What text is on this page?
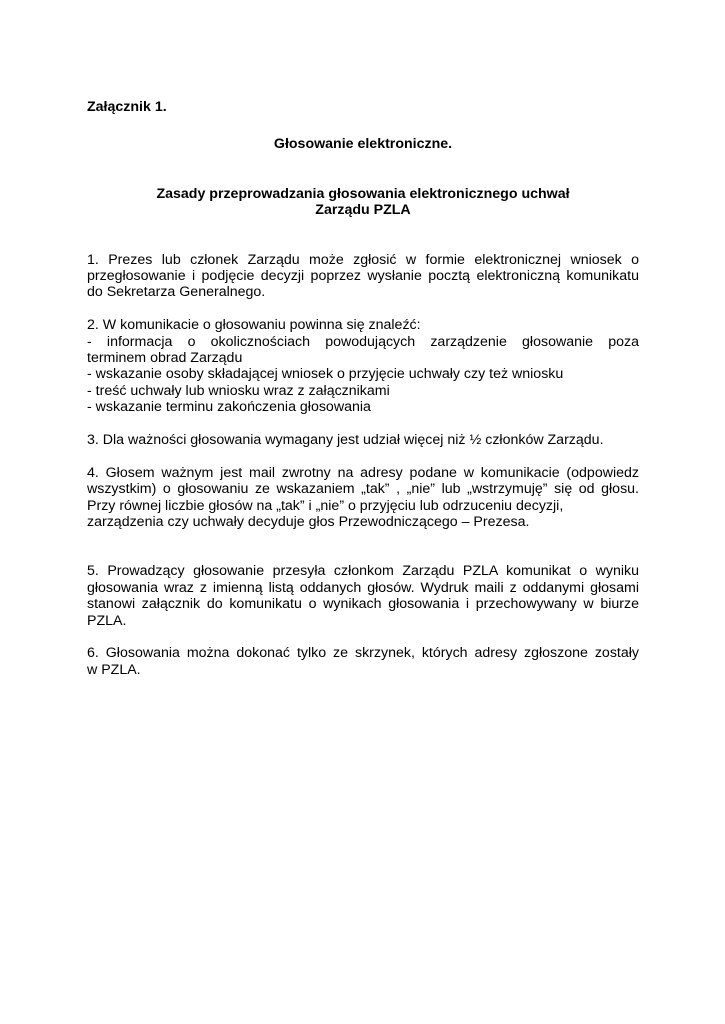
Załącznik 1.
Głosowanie elektroniczne.
Zasady przeprowadzania głosowania elektronicznego uchwał
Zarządu PZLA
1. Prezes lub członek Zarządu może zgłosić w formie elektronicznej wniosek o
przegłosowanie i podjęcie decyzji poprzez wysłanie pocztą elektroniczną komunikatu
do Sekretarza Generalnego.
2. W komunikacie o głosowaniu powinna się znaleźć:
- informacja o okolicznościach powodujących zarządzenie głosowanie poza
terminem obrad Zarządu
- wskazanie osoby składającej wniosek o przyjęcie uchwały czy też wniosku
- treść uchwały lub wniosku wraz z załącznikami
- wskazanie terminu zakończenia głosowania
3. Dla ważności głosowania wymagany jest udział więcej niż ½ członków Zarządu.
4. Głosem ważnym jest mail zwrotny na adresy podane w komunikacie (odpowiedz
wszystkim) o głosowaniu ze wskazaniem „tak” , „nie” lub „wstrzymuję” się od głosu.
Przy równej liczbie głosów na „tak” i „nie” o przyjęciu lub odrzuceniu decyzji,
zarządzenia czy uchwały decyduje głos Przewodniczącego – Prezesa.
5. Prowadzący głosowanie przesyła członkom Zarządu PZLA komunikat o wyniku
głosowania wraz z imienną listą oddanych głosów. Wydruk maili z oddanymi głosami
stanowi załącznik do komunikatu o wynikach głosowania i przechowywany w biurze
PZLA.
6. Głosowania można dokonać tylko ze skrzynek, których adresy zgłoszone zostały
w PZLA.
